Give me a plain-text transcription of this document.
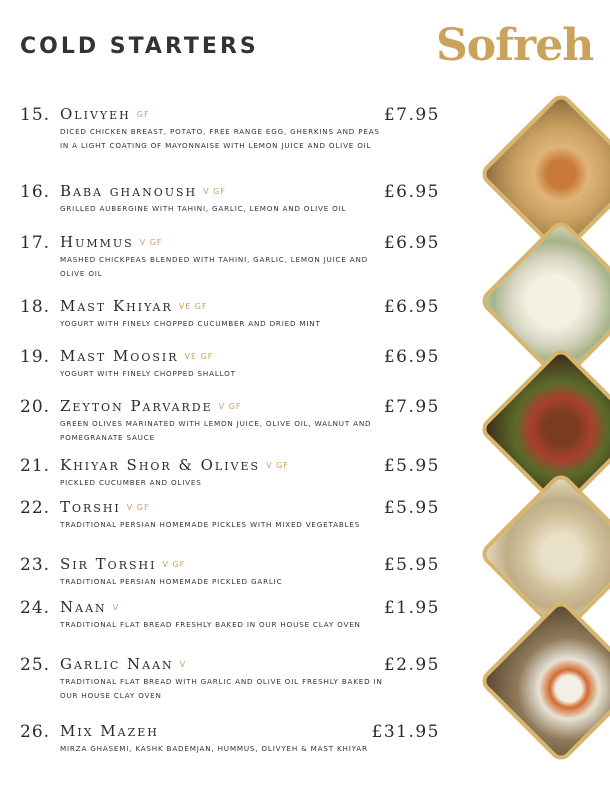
COLD STARTERS	Sofreh
15. Olivyeh GF	£7.95
DICED CHICKEN BREAST, POTATO, FREE RANGE EGG, GHERKINS AND PEAS IN A LIGHT COATING OF MAYONNAISE WITH LEMON JUICE AND OLIVE OIL
16. Baba ghanoush V GF	£6.95
GRILLED AUBERGINE WITH TAHINI, GARLIC, LEMON AND OLIVE OIL
17. Hummus V GF	£6.95
MASHED CHICKPEAS BLENDED WITH TAHINI, GARLIC, LEMON JUICE AND OLIVE OIL
18. Mast Khiyar VE GF	£6.95
YOGURT WITH FINELY CHOPPED CUCUMBER AND DRIED MINT
19. Mast Moosir VE GF	£6.95
YOGURT WITH FINELY CHOPPED SHALLOT
20. Zeyton Parvarde V GF	£7.95
GREEN OLIVES MARINATED WITH LEMON JUICE, OLIVE OIL, WALNUT AND POMEGRANATE SAUCE
21. Khiyar Shor & Olives V GF	£5.95
PICKLED CUCUMBER AND OLIVES
22. Torshi V GF	£5.95
TRADITIONAL PERSIAN HOMEMADE PICKLES WITH MIXED VEGETABLES
23. Sir Torshi V GF	£5.95
TRADITIONAL PERSIAN HOMEMADE PICKLED GARLIC
24. Naan V	£1.95
TRADITIONAL FLAT BREAD FRESHLY BAKED IN OUR HOUSE CLAY OVEN
25. Garlic Naan V	£2.95
TRADITIONAL FLAT BREAD WITH GARLIC AND OLIVE OIL FRESHLY BAKED IN OUR HOUSE CLAY OVEN
26. Mix Mazeh	£31.95
MIRZA GHASEMI, KASHK BADEMJAN, HUMMUS, OLIVYEH & MAST KHIYAR
